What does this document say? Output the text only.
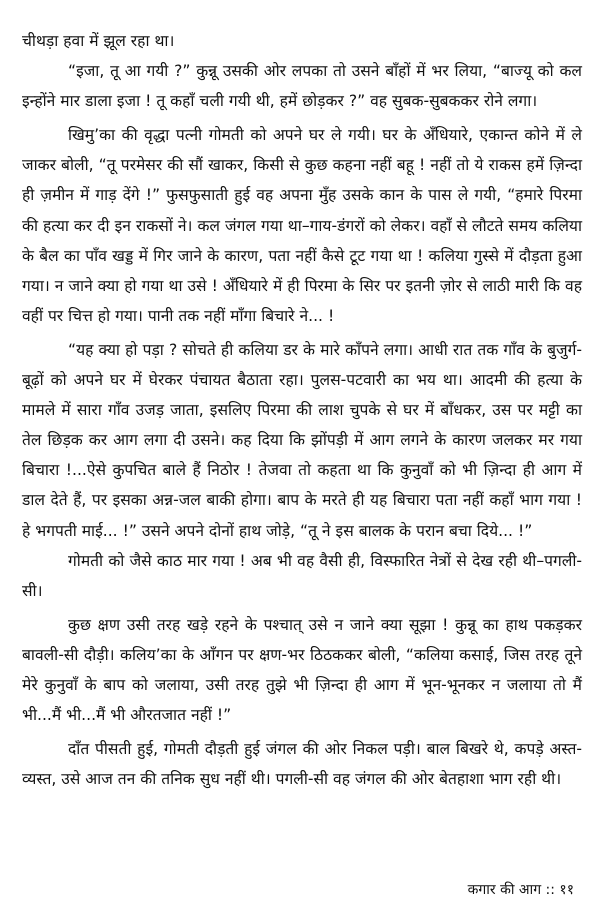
चीथड़ा हवा में झूल रहा था।

“इजा, तू आ गयी ?” कुन्नू उसकी ओर लपका तो उसने बाँहों में भर लिया, “बाज्यू को कल इन्होंने मार डाला इजा ! तू कहाँ चली गयी थी, हमें छोड़कर ?” वह सुबक-सुबककर रोने लगा।

खिमु’का की वृद्धा पत्नी गोमती को अपने घर ले गयी। घर के अँधियारे, एकान्त कोने में ले जाकर बोली, “तू परमेसर की सौं खाकर, किसी से कुछ कहना नहीं बहू ! नहीं तो ये राकस हमें ज़िन्दा ही ज़मीन में गाड़ देंगे !” फुसफुसाती हुई वह अपना मुँह उसके कान के पास ले गयी, “हमारे पिरमा की हत्या कर दी इन राकसों ने। कल जंगल गया था–गाय-डंगरों को लेकर। वहाँ से लौटते समय कलिया के बैल का पाँव खड्ड में गिर जाने के कारण, पता नहीं कैसे टूट गया था ! कलिया गुस्से में दौड़ता हुआ गया। न जाने क्या हो गया था उसे ! अँधियारे में ही पिरमा के सिर पर इतनी ज़ोर से लाठी मारी कि वह वहीं पर चित्त हो गया। पानी तक नहीं माँगा बिचारे ने... !

“यह क्या हो पड़ा ? सोचते ही कलिया डर के मारे काँपने लगा। आधी रात तक गाँव के बुजुर्ग-बूढ़ों को अपने घर में घेरकर पंचायत बैठाता रहा। पुलस-पटवारी का भय था। आदमी की हत्या के मामले में सारा गाँव उजड़ जाता, इसलिए पिरमा की लाश चुपके से घर में बाँधकर, उस पर मट्टी का तेल छिड़क कर आग लगा दी उसने। कह दिया कि झोंपड़ी में आग लगने के कारण जलकर मर गया बिचारा !...ऐसे कुपचित बाले हैं निठोर ! तेजवा तो कहता था कि कुनुवाँ को भी ज़िन्दा ही आग में डाल देते हैं, पर इसका अन्न-जल बाकी होगा। बाप के मरते ही यह बिचारा पता नहीं कहाँ भाग गया ! हे भगपती माई... !” उसने अपने दोनों हाथ जोड़े, “तू ने इस बालक के परान बचा दिये... !”

गोमती को जैसे काठ मार गया ! अब भी वह वैसी ही, विस्फारित नेत्रों से देख रही थी–पगली-सी।

कुछ क्षण उसी तरह खड़े रहने के पश्चात् उसे न जाने क्या सूझा ! कुन्नू का हाथ पकड़कर बावली-सी दौड़ी। कलिय’का के आँगन पर क्षण-भर ठिठककर बोली, “कलिया कसाई, जिस तरह तूने मेरे कुनुवाँ के बाप को जलाया, उसी तरह तुझे भी ज़िन्दा ही आग में भून-भूनकर न जलाया तो मैं भी...मैं भी...मैं भी औरतजात नहीं !”

दाँत पीसती हुई, गोमती दौड़ती हुई जंगल की ओर निकल पड़ी। बाल बिखरे थे, कपड़े अस्त-व्यस्त, उसे आज तन की तनिक सुध नहीं थी। पगली-सी वह जंगल की ओर बेतहाशा भाग रही थी।

कगार की आग :: ११
